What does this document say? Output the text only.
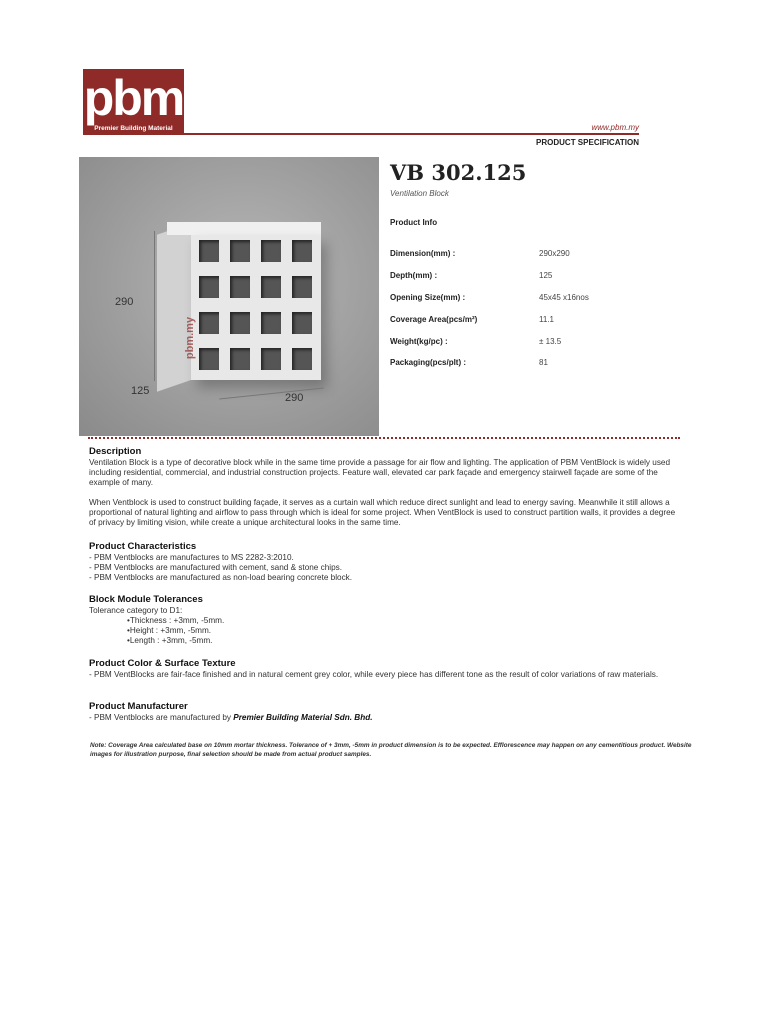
pbm
Premier Building Material	www.pbm.my
PRODUCT SPECIFICATION
pbm.my
290
125
290
VB 302.125
Ventilation Block
Product Info
Dimension(mm) :	290x290
Depth(mm) :	125
Opening Size(mm) :	45x45 x16nos
Coverage Area(pcs/m²)	11.1
Weight(kg/pc) :	± 13.5
Packaging(pcs/plt) :	81
Description

Ventilation Block is a type of decorative block while in the same time provide a passage for air flow and lighting. The application of PBM VentBlock is widely used including residential, commercial, and industrial construction projects. Feature wall, elevated car park façade and emergency stairwell façade are some of the example of many.

When Ventblock is used to construct building façade, it serves as a curtain wall which reduce direct sunlight and lead to energy saving. Meanwhile it still allows a proportional of natural lighting and airflow to pass through which is ideal for some project. When VentBlock is used to construct partition walls, it provides a degree of privacy by limiting vision, while create a unique architectural looks in the same time.

Product Characteristics

- PBM Ventblocks are manufactures to MS 2282-3:2010.

- PBM Ventblocks are manufactured with cement, sand & stone chips.

- PBM Ventblocks are manufactured as non-load bearing concrete block.

Block Module Tolerances

Tolerance category to D1:

•Thickness : +3mm, -5mm.

•Height : +3mm, -5mm.

•Length : +3mm, -5mm.

Product Color & Surface Texture

- PBM VentBlocks are fair-face finished and in natural cement grey color, while every piece has different tone as the result of color variations of raw materials.

Product Manufacturer

- PBM Ventblocks are manufactured by Premier Building Material Sdn. Bhd.

Note: Coverage Area calculated base on 10mm mortar thickness. Tolerance of + 3mm, -5mm in product dimension is to be expected. Efflorescence may happen on any cementitious product. Website images for illustration purpose, final selection should be made from actual product samples.
